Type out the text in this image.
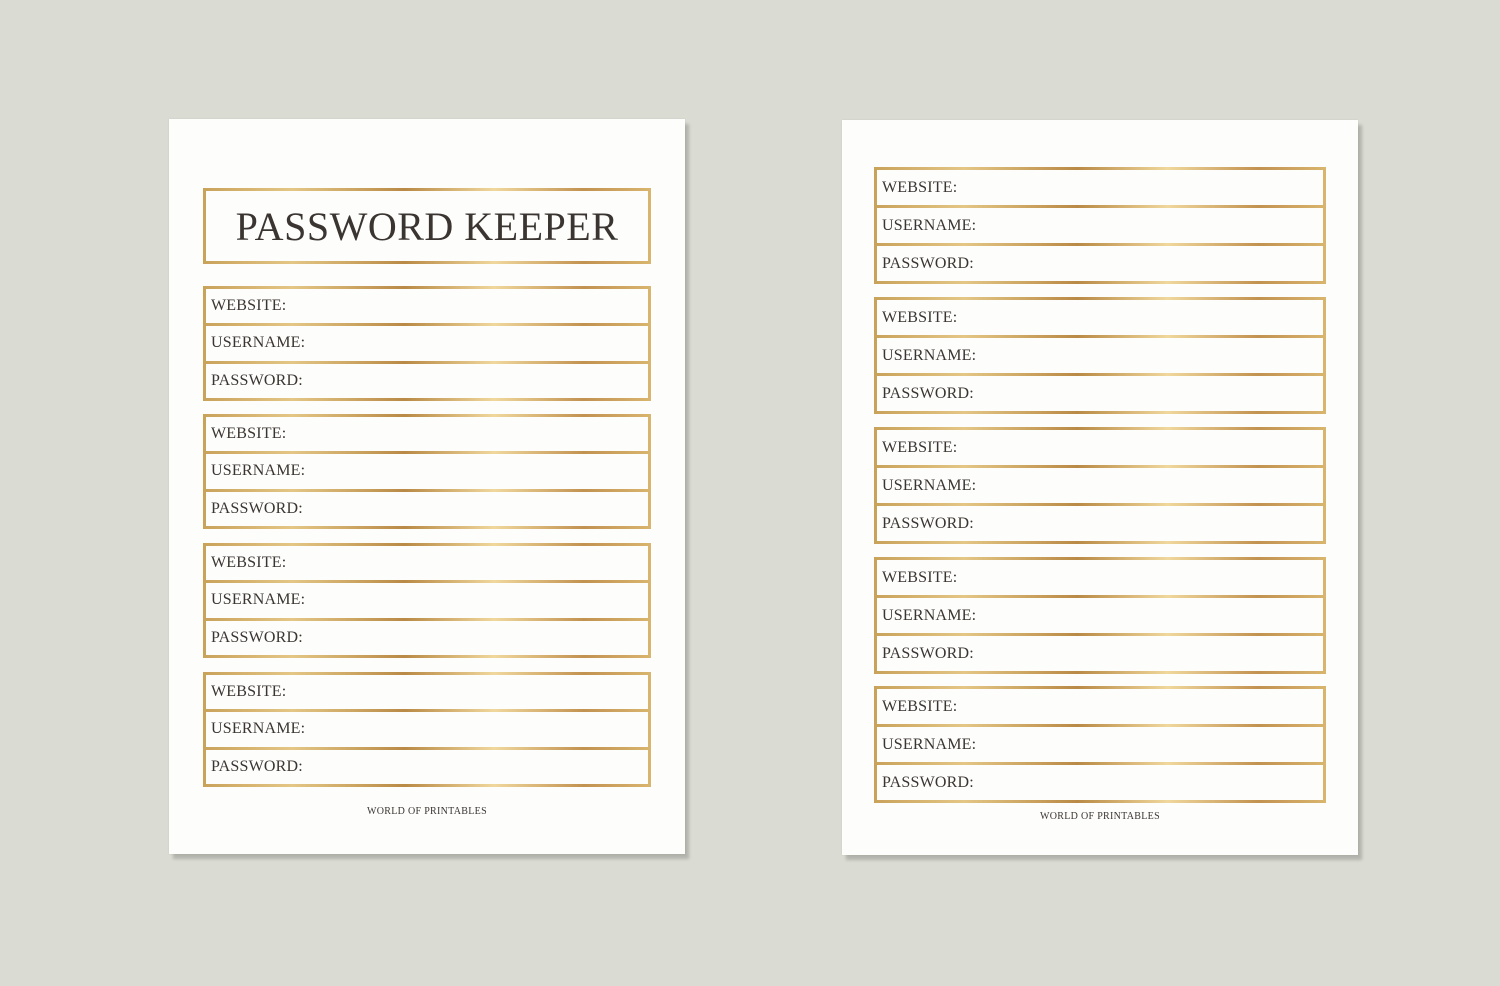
PASSWORD KEEPER
WEBSITE:
USERNAME:
PASSWORD:
WEBSITE:
USERNAME:
PASSWORD:
WEBSITE:
USERNAME:
PASSWORD:
WEBSITE:
USERNAME:
PASSWORD:
WORLD OF PRINTABLES
WEBSITE:
USERNAME:
PASSWORD:
WEBSITE:
USERNAME:
PASSWORD:
WEBSITE:
USERNAME:
PASSWORD:
WEBSITE:
USERNAME:
PASSWORD:
WEBSITE:
USERNAME:
PASSWORD:
WORLD OF PRINTABLES
